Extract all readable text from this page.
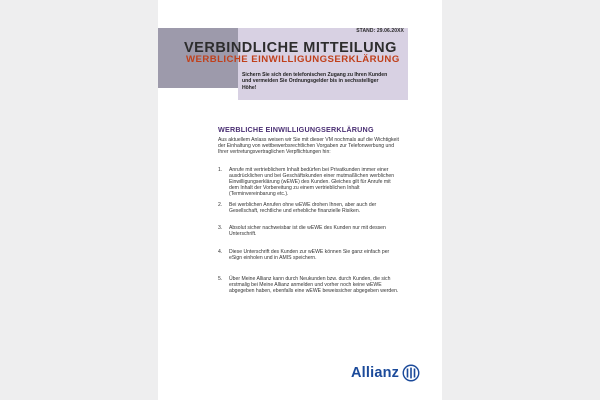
STAND: 29.06.20XX
VERBINDLICHE MITTEILUNG
WERBLICHE EINWILLIGUNGSERKLÄRUNG
Sichern Sie sich den telefonischen Zugang zu Ihren Kunden und vermeiden Sie Ordnungsgelder bis in sechsstelliger Höhe!
WERBLICHE EINWILLIGUNGSERKLÄRUNG
Aus aktuellem Anlass weisen wir Sie mit dieser VM nochmals auf die Wichtigkeit der Einhaltung von wettbewerbsrechtlichen Vorgaben zur Telefonwerbung und Ihrer vertretungsvertraglichen Verpflichtungen hin:
1. Anrufe mit vertrieblichem Inhalt bedürfen bei Privatkunden immer einer ausdrücklichen und bei Geschäftskunden einer mutmaßlichen werblichen Einwilligungserklärung (wEWE) des Kunden. Gleiches gilt für Anrufe mit dem Inhalt der Vorbereitung zu einem vertrieblichen Inhalt (Terminvereinbarung etc.).
2. Bei werblichen Anrufen ohne wEWE drohen Ihnen, aber auch der Gesellschaft, rechtliche und erhebliche finanzielle Risiken.
3. Absolut sicher nachweisbar ist die wEWE des Kunden nur mit dessen Unterschrift.
4. Diese Unterschrift des Kunden zur wEWE können Sie ganz einfach per eSign einholen und in AMIS speichern.
5. Über Meine Allianz kann durch Neukunden bzw. durch Kunden, die sich erstmalig bei Meine Allianz anmelden und vorher noch keine wEWE abgegeben haben, ebenfalls eine wEWE beweissicher abgegeben werden.
Allianz
